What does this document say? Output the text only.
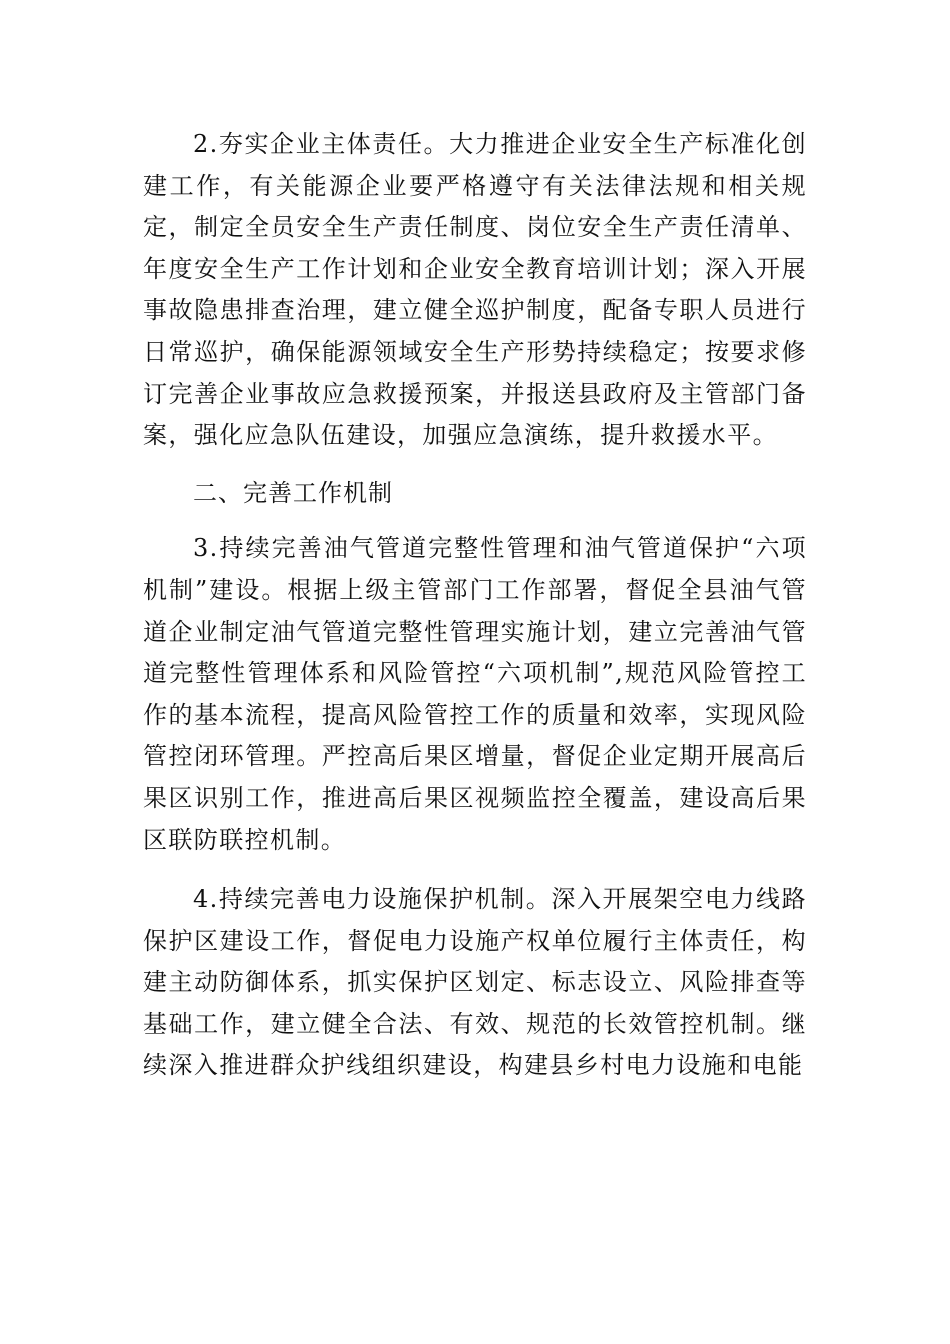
2.夯实企业主体责任。大力推进企业安全生产标准化创建工作，有关能源企业要严格遵守有关法律法规和相关规定，制定全员安全生产责任制度、岗位安全生产责任清单、年度安全生产工作计划和企业安全教育培训计划；深入开展事故隐患排查治理，建立健全巡护制度，配备专职人员进行日常巡护，确保能源领域安全生产形势持续稳定；按要求修订完善企业事故应急救援预案，并报送县政府及主管部门备案，强化应急队伍建设，加强应急演练，提升救援水平。

二、完善工作机制

3.持续完善油气管道完整性管理和油气管道保护“六项机制”建设。根据上级主管部门工作部署，督促全县油气管道企业制定油气管道完整性管理实施计划，建立完善油气管道完整性管理体系和风险管控“六项机制”,规范风险管控工作的基本流程，提高风险管控工作的质量和效率，实现风险管控闭环管理。严控高后果区增量，督促企业定期开展高后果区识别工作，推进高后果区视频监控全覆盖，建设高后果区联防联控机制。

4.持续完善电力设施保护机制。深入开展架空电力线路保护区建设工作，督促电力设施产权单位履行主体责任，构建主动防御体系，抓实保护区划定、标志设立、风险排查等基础工作，建立健全合法、有效、规范的长效管控机制。继续深入推进群众护线组织建设，构建县乡村电力设施和电能
